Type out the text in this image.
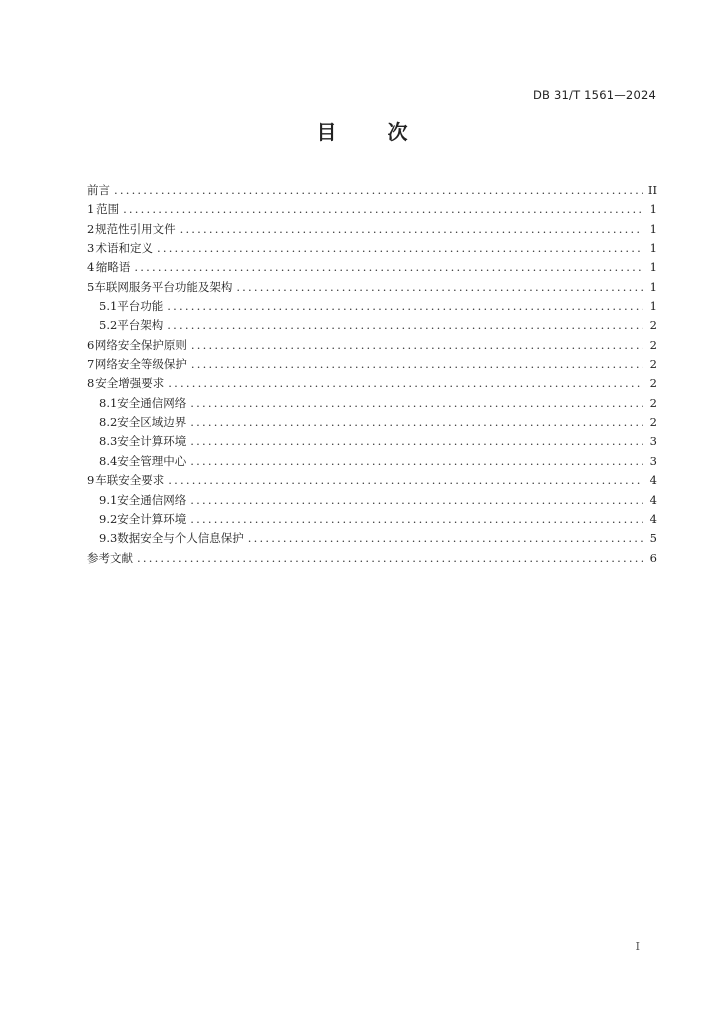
DB 31/T 1561—2024
目	次
前言 .....	II
1 范围 .....	1
2 规范性引用文件 .....	1
3 术语和定义 .....	1
4 缩略语 .....	1
5 车联网服务平台功能及架构 .....	1
5.1 平台功能 .....	1
5.2 平台架构 .....	2
6 网络安全保护原则 .....	2
7 网络安全等级保护 .....	2
8 安全增强要求 .....	2
8.1 安全通信网络 .....	2
8.2 安全区域边界 .....	2
8.3 安全计算环境 .....	3
8.4 安全管理中心 .....	3
9 车联安全要求 .....	4
9.1 安全通信网络 .....	4
9.2 安全计算环境 .....	4
9.3 数据安全与个人信息保护 .....	5
参考文献 .....	6
I
